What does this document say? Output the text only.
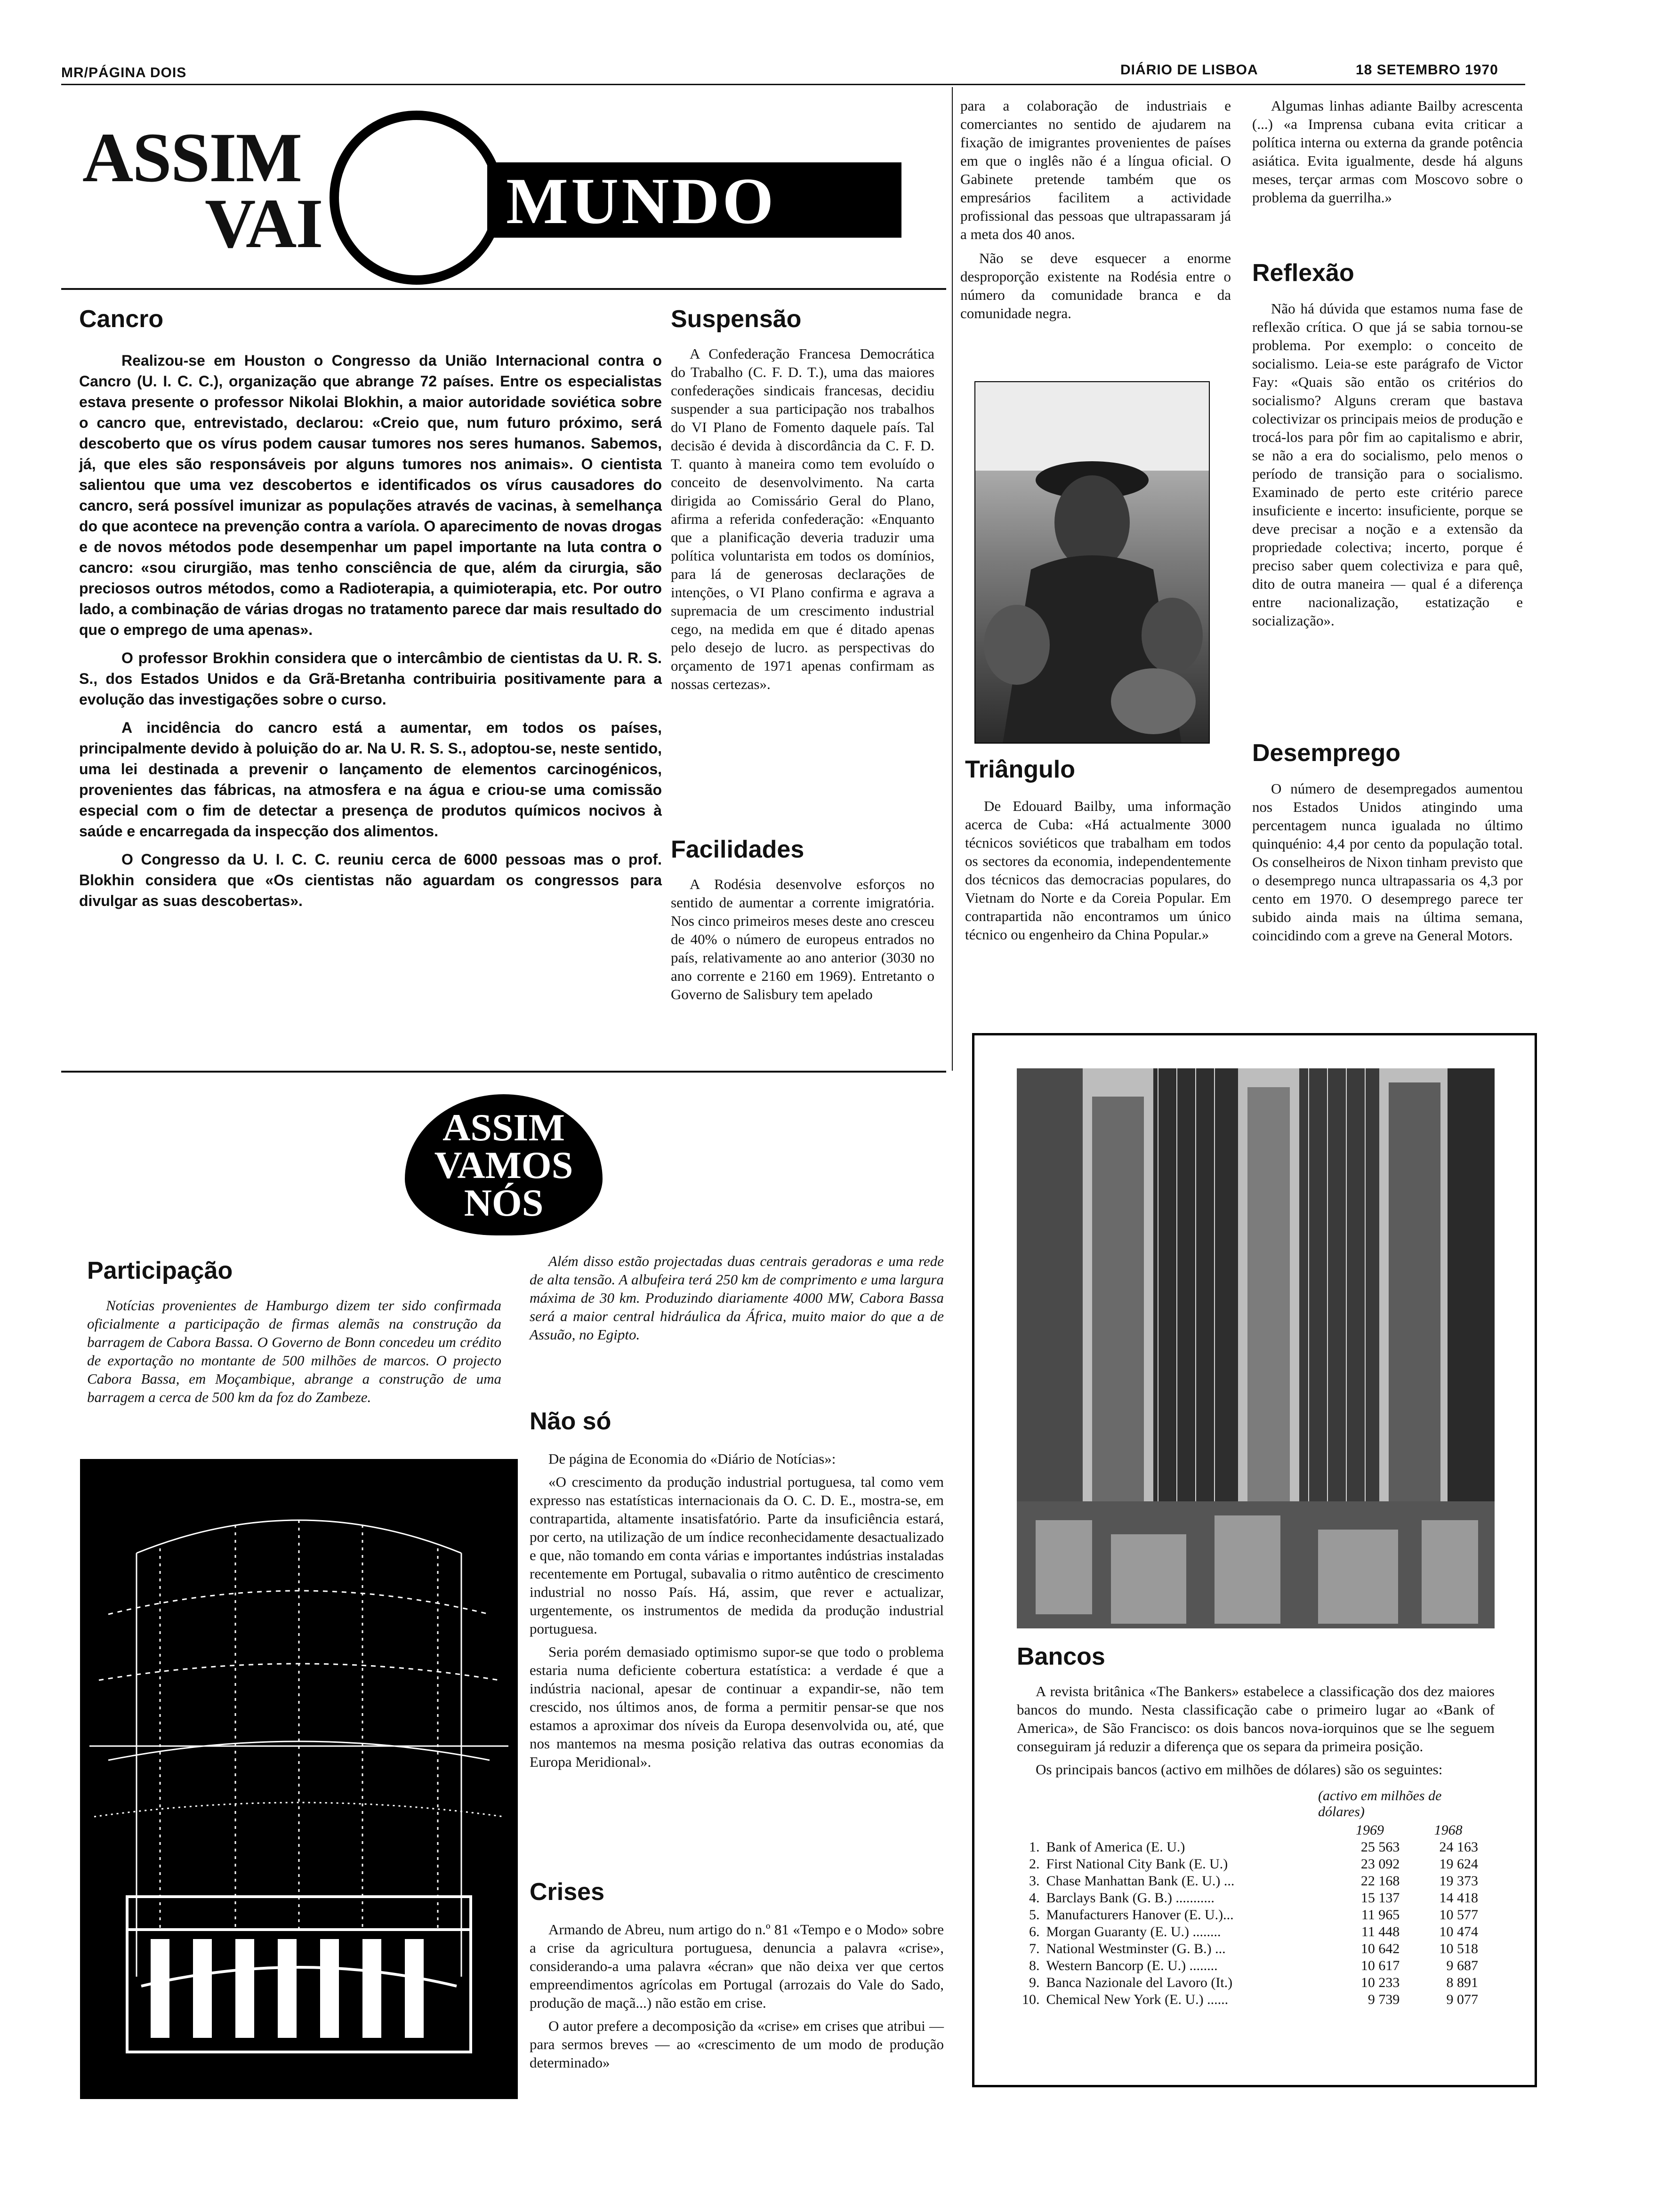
MR/PÁGINA DOIS	DIÁRIO DE LISBOA	18 SETEMBRO 1970
ASSIM
VAI	MUNDO
Cancro

Realizou-se em Houston o Congresso da União Internacional contra o Cancro (U. I. C. C.), organização que abrange 72 países. Entre os especialistas estava presente o professor Nikolai Blokhin, a maior autoridade soviética sobre o cancro que, entrevistado, declarou: «Creio que, num futuro próximo, será descoberto que os vírus podem causar tumores nos seres humanos. Sabemos, já, que eles são responsáveis por alguns tumores nos animais». O cientista salientou que uma vez descobertos e identificados os vírus causadores do cancro, será possível imunizar as populações através de vacinas, à semelhança do que acontece na prevenção contra a varíola. O aparecimento de novas drogas e de novos métodos pode desempenhar um papel importante na luta contra o cancro: «sou cirurgião, mas tenho consciência de que, além da cirurgia, são preciosos outros métodos, como a Radioterapia, a quimioterapia, etc. Por outro lado, a combinação de várias drogas no tratamento parece dar mais resultado do que o emprego de uma apenas».

O professor Brokhin considera que o intercâmbio de cientistas da U. R. S. S., dos Estados Unidos e da Grã-Bretanha contribuiria positivamente para a evolução das investigações sobre o curso.

A incidência do cancro está a aumentar, em todos os países, principalmente devido à poluição do ar. Na U. R. S. S., adoptou-se, neste sentido, uma lei destinada a prevenir o lançamento de elementos carcinogénicos, provenientes das fábricas, na atmosfera e na água e criou-se uma comissão especial com o fim de detectar a presença de produtos químicos nocivos à saúde e encarregada da inspecção dos alimentos.

O Congresso da U. I. C. C. reuniu cerca de 6000 pessoas mas o prof. Blokhin considera que «Os cientistas não aguardam os congressos para divulgar as suas descobertas».

Suspensão

A Confederação Francesa Democrática do Trabalho (C. F. D. T.), uma das maiores confederações sindicais francesas, decidiu suspender a sua participação nos trabalhos do VI Plano de Fomento daquele país. Tal decisão é devida à discordância da C. F. D. T. quanto à maneira como tem evoluído o conceito de desenvolvimento. Na carta dirigida ao Comissário Geral do Plano, afirma a referida confederação: «Enquanto que a planificação deveria traduzir uma política voluntarista em todos os domínios, para lá de generosas declarações de intenções, o VI Plano confirma e agrava a supremacia de um crescimento industrial cego, na medida em que é ditado apenas pelo desejo de lucro. as perspectivas do orçamento de 1971 apenas confirmam as nossas certezas».

Facilidades

A Rodésia desenvolve esforços no sentido de aumentar a corrente imigratória. Nos cinco primeiros meses deste ano cresceu de 40% o número de europeus entrados no país, relativamente ao ano anterior (3030 no ano corrente e 2160 em 1969). Entretanto o Governo de Salisbury tem apelado

para a colaboração de industriais e comerciantes no sentido de ajudarem na fixação de imigrantes provenientes de países em que o inglês não é a língua oficial. O Gabinete pretende também que os empresários facilitem a actividade profissional das pessoas que ultrapassaram já a meta dos 40 anos.

Não se deve esquecer a enorme desproporção existente na Rodésia entre o número da comunidade branca e da comunidade negra.

Triângulo

De Edouard Bailby, uma informação acerca de Cuba: «Há actualmente 3000 técnicos soviéticos que trabalham em todos os sectores da economia, independentemente dos técnicos das democracias populares, do Vietnam do Norte e da Coreia Popular. Em contrapartida não encontramos um único técnico ou engenheiro da China Popular.»

Algumas linhas adiante Bailby acrescenta (...) «a Imprensa cubana evita criticar a política interna ou externa da grande potência asiática. Evita igualmente, desde há alguns meses, terçar armas com Moscovo sobre o problema da guerrilha.»

Reflexão

Não há dúvida que estamos numa fase de reflexão crítica. O que já se sabia tornou-se problema. Por exemplo: o conceito de socialismo. Leia-se este parágrafo de Victor Fay: «Quais são então os critérios do socialismo? Alguns creram que bastava colectivizar os principais meios de produção e trocá-los para pôr fim ao capitalismo e abrir, se não a era do socialismo, pelo menos o período de transição para o socialismo. Examinado de perto este critério parece insuficiente e incerto: insuficiente, porque se deve precisar a noção e a extensão da propriedade colectiva; incerto, porque é preciso saber quem colectiviza e para quê, dito de outra maneira — qual é a diferença entre nacionalização, estatização e socialização».

Desemprego

O número de desempregados aumentou nos Estados Unidos atingindo uma percentagem nunca igualada no último quinquénio: 4,4 por cento da população total. Os conselheiros de Nixon tinham previsto que o desemprego nunca ultrapassaria os 4,3 por cento em 1970. O desemprego parece ter subido ainda mais na última semana, coincidindo com a greve na General Motors.

ASSIM
VAMOS
NÓS
Participação

Notícias provenientes de Hamburgo dizem ter sido confirmada oficialmente a participação de firmas alemãs na construção da barragem de Cabora Bassa. O Governo de Bonn concedeu um crédito de exportação no montante de 500 milhões de marcos. O projecto Cabora Bassa, em Moçambique, abrange a construção de uma barragem a cerca de 500 km da foz do Zambeze.

Além disso estão projectadas duas centrais geradoras e uma rede de alta tensão. A albufeira terá 250 km de comprimento e uma largura máxima de 30 km. Produzindo diariamente 4000 MW, Cabora Bassa será a maior central hidráulica da África, muito maior do que a de Assuão, no Egipto.

Não só

De página de Economia do «Diário de Notícias»:

«O crescimento da produção industrial portuguesa, tal como vem expresso nas estatísticas internacionais da O. C. D. E., mostra-se, em contrapartida, altamente insatisfatório. Parte da insuficiência estará, por certo, na utilização de um índice reconhecidamente desactualizado e que, não tomando em conta várias e importantes indústrias instaladas recentemente em Portugal, subavalia o ritmo autêntico de crescimento industrial no nosso País. Há, assim, que rever e actualizar, urgentemente, os instrumentos de medida da produção industrial portuguesa.

Seria porém demasiado optimismo supor-se que todo o problema estaria numa deficiente cobertura estatística: a verdade é que a indústria nacional, apesar de continuar a expandir-se, não tem crescido, nos últimos anos, de forma a permitir pensar-se que nos estamos a aproximar dos níveis da Europa desenvolvida ou, até, que nos mantemos na mesma posição relativa das outras economias da Europa Meridional».

Crises

Armando de Abreu, num artigo do n.º 81 «Tempo e o Modo» sobre a crise da agricultura portuguesa, denuncia a palavra «crise», considerando-a uma palavra «écran» que não deixa ver que certos empreendimentos agrícolas em Portugal (arrozais do Vale do Sado, produção de maçã...) não estão em crise.

O autor prefere a decomposição da «crise» em crises que atribui — para sermos breves — ao «crescimento de um modo de produção determinado»

Bancos

A revista britânica «The Bankers» estabelece a classificação dos dez maiores bancos do mundo. Nesta classificação cabe o primeiro lugar ao «Bank of America», de São Francisco: os dois bancos nova-iorquinos que se lhe seguem conseguiram já reduzir a diferença que os separa da primeira posição.

Os principais bancos (activo em milhões de dólares) são os seguintes:

(activo em milhões de dólares)
		1969	1968
1.	Bank of America (E. U.)	25 563	24 163
2.	First National City Bank (E. U.)	23 092	19 624
3.	Chase Manhattan Bank (E. U.) ...	22 168	19 373
4.	Barclays Bank (G. B.) ...........	15 137	14 418
5.	Manufacturers Hanover (E. U.)...	11 965	10 577
6.	Morgan Guaranty (E. U.) ........	11 448	10 474
7.	National Westminster (G. B.) ...	10 642	10 518
8.	Western Bancorp (E. U.) ........	10 617	9 687
9.	Banca Nazionale del Lavoro (It.)	10 233	8 891
10.	Chemical New York (E. U.) ......	9 739	9 077
